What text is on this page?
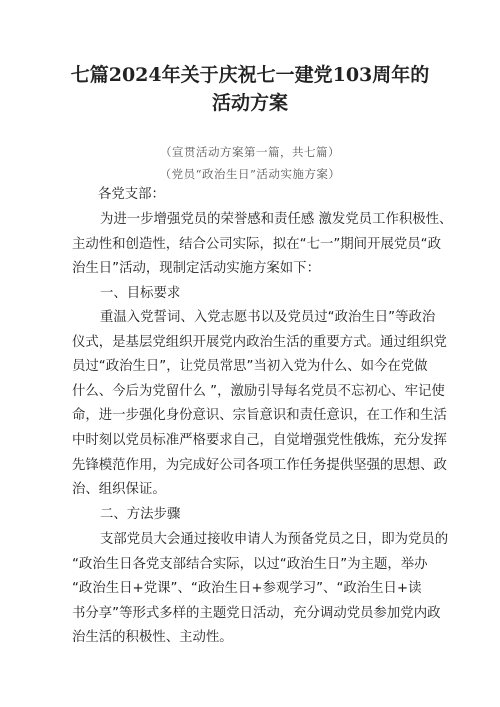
七篇2024年关于庆祝七一建党103周年的
活动方案
（宣贯活动方案第一篇，共七篇）
（党员“政治生日”活动实施方案）
各党支部：
为进一步增强党员的荣誉感和责任感 激发党员工作积极性、
主动性和创造性，结合公司实际，拟在“七一”期间开展党员“政
治生日”活动，现制定活动实施方案如下：
一、目标要求
重温入党誓词、入党志愿书以及党员过“政治生日”等政治
仪式，是基层党组织开展党内政治生活的重要方式。通过组织党
员过“政治生日”，让党员常思”当初入党为什么、如今在党做
什么、今后为党留什么 ”，激励引导每名党员不忘初心、牢记使
命，进一步强化身份意识、宗旨意识和责任意识，在工作和生活
中时刻以党员标准严格要求自己，自觉增强党性俄炼，充分发挥
先锋模范作用，为完成好公司各项工作任务提供坚强的思想、政
治、组织保证。
二、方法步骤
支部党员大会通过接收申请人为预备党员之日，即为党员的
“政治生日各党支部结合实际，以过“政治生日”为主题，举办
“政治生日+党课”、“政治生日+参观学习”、“政治生日+读
书分享”等形式多样的主题党日活动，充分调动党员参加党内政
治生活的积极性、主动性。
